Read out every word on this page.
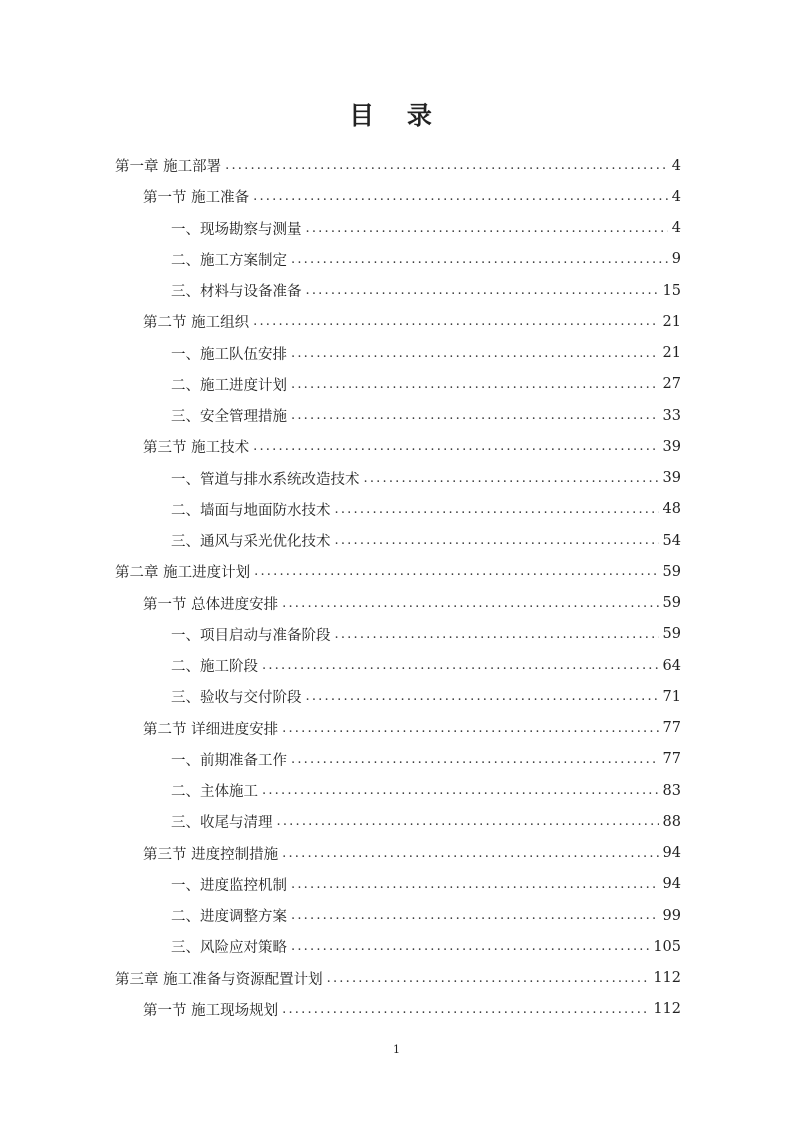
目 录
第一章 施工部署 .....	4
第一节 施工准备 .....	4
一、现场勘察与测量 .....	4
二、施工方案制定 .....	9
三、材料与设备准备 .....	15
第二节 施工组织 .....	21
一、施工队伍安排 .....	21
二、施工进度计划 .....	27
三、安全管理措施 .....	33
第三节 施工技术 .....	39
一、管道与排水系统改造技术 .....	39
二、墙面与地面防水技术 .....	48
三、通风与采光优化技术 .....	54
第二章 施工进度计划 .....	59
第一节 总体进度安排 .....	59
一、项目启动与准备阶段 .....	59
二、施工阶段 .....	64
三、验收与交付阶段 .....	71
第二节 详细进度安排 .....	77
一、前期准备工作 .....	77
二、主体施工 .....	83
三、收尾与清理 .....	88
第三节 进度控制措施 .....	94
一、进度监控机制 .....	94
二、进度调整方案 .....	99
三、风险应对策略 .....	105
第三章 施工准备与资源配置计划 .....	112
第一节 施工现场规划 .....	112
1
